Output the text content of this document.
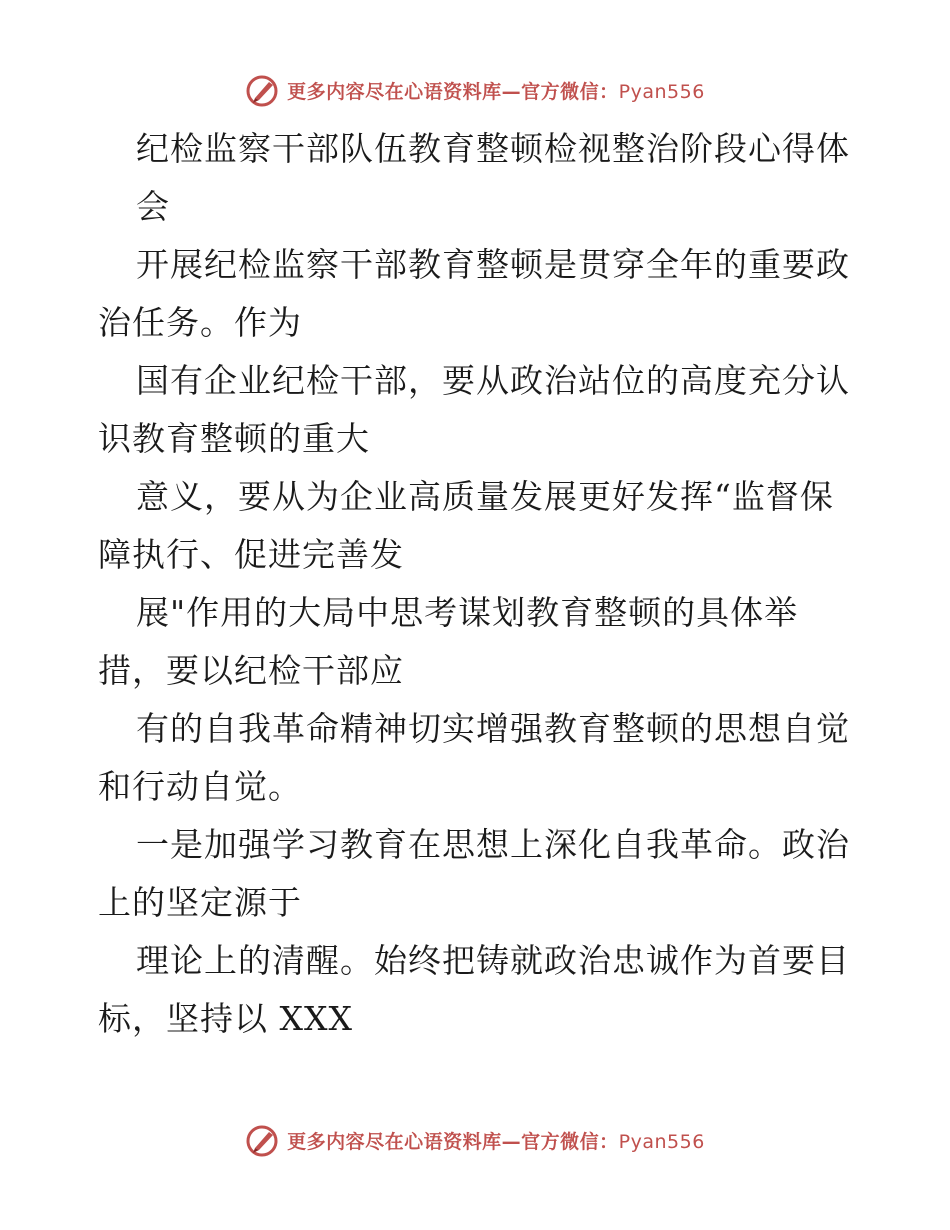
更多内容尽在心语资料库—官方微信：Pyan556
纪检监察干部队伍教育整顿检视整治阶段心得体
会
开展纪检监察干部教育整顿是贯穿全年的重要政
治任务。作为
国有企业纪检干部，要从政治站位的高度充分认
识教育整顿的重大
意义，要从为企业高质量发展更好发挥“监督保
障执行、促进完善发
展"作用的大局中思考谋划教育整顿的具体举
措，要以纪检干部应
有的自我革命精神切实增强教育整顿的思想自觉
和行动自觉。
一是加强学习教育在思想上深化自我革命。政治
上的坚定源于
理论上的清醒。始终把铸就政治忠诚作为首要目
标，坚持以 XXX
更多内容尽在心语资料库—官方微信：Pyan556
